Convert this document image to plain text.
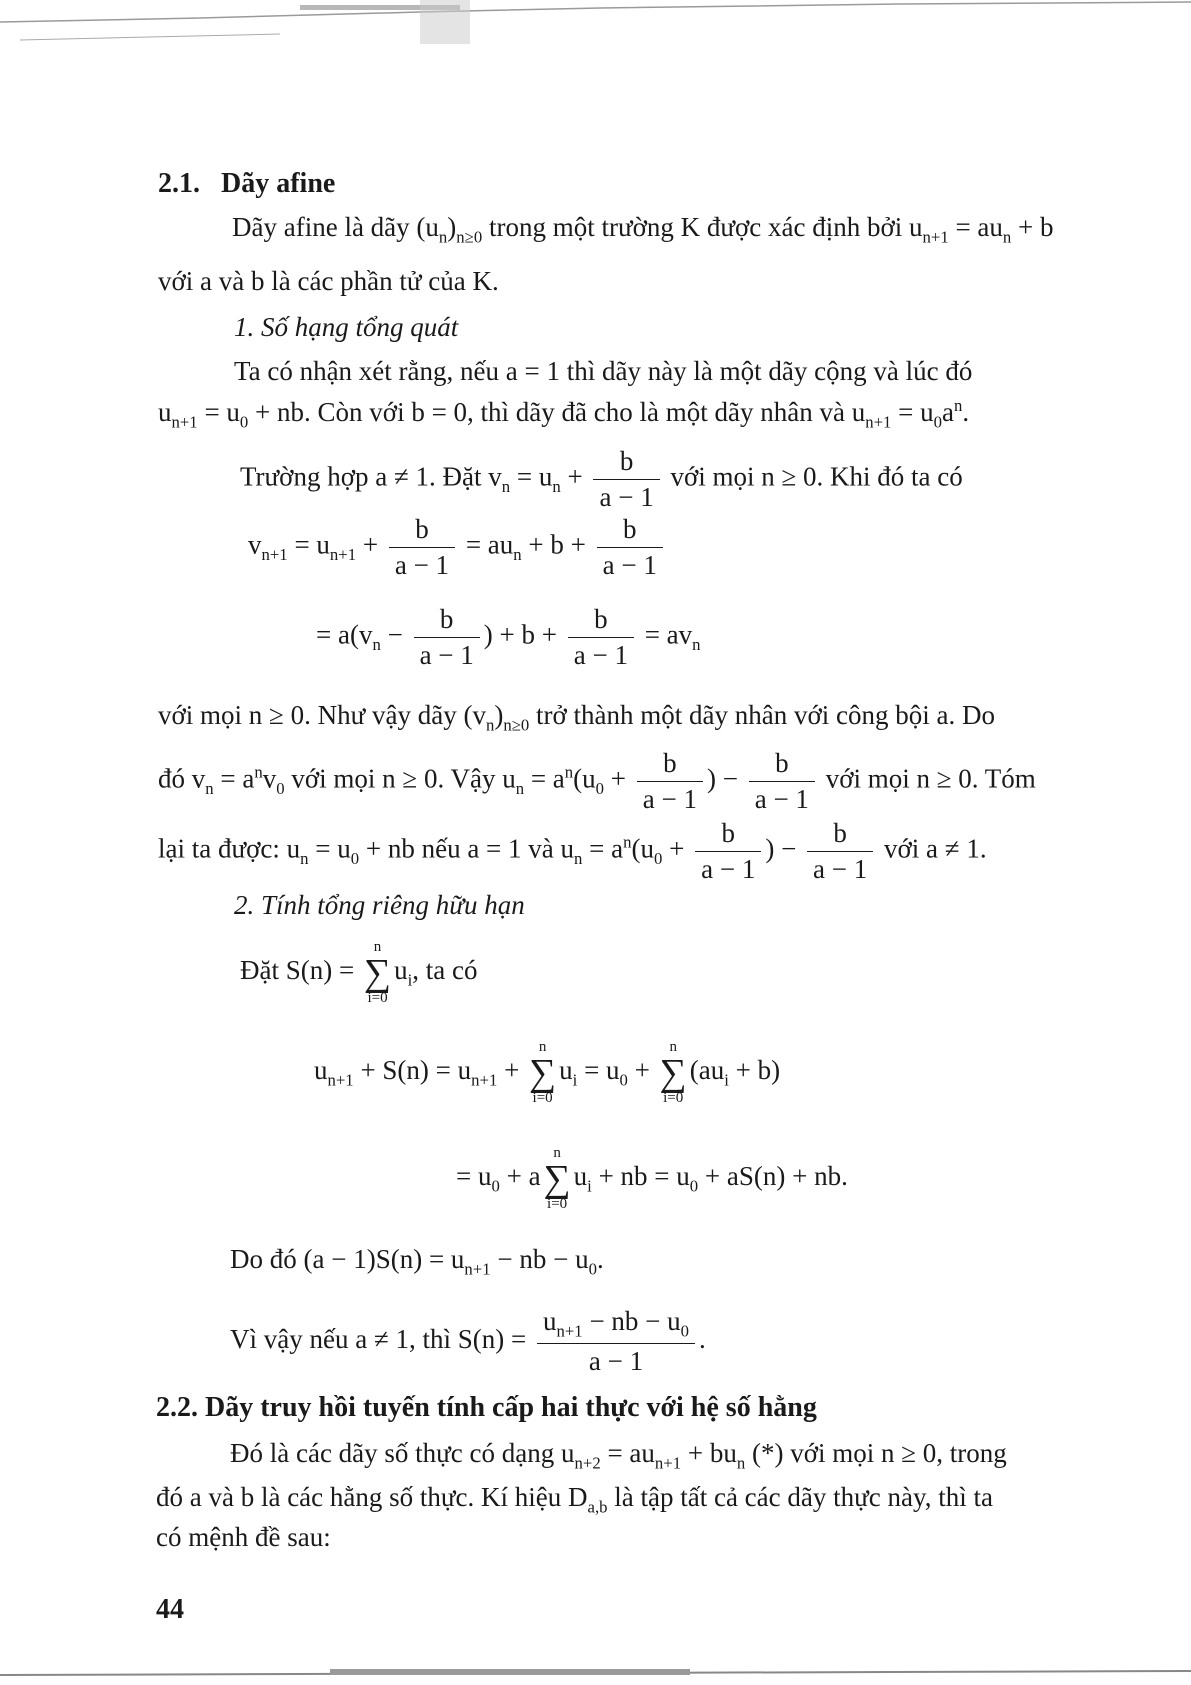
2.1. Dãy afine
Dãy afine là dãy $(u_n)_{n\ge 0}$ trong một trường K được xác định bởi $u_{n+1} = au_n + b$
với a và b là các phần tử của K.
1. Số hạng tổng quát
Ta có nhận xét rằng, nếu a = 1 thì dãy này là một dãy cộng và lúc đó
$u_{n+1} = u_0$ + nb. Còn với b = 0, thì dãy đã cho là một dãy nhân và $u_{n+1} = u_0a^n$.
Trường hợp a ≠ 1. Đặt $v_n = u_n + \frac{b}{a - 1}$ với mọi n ≥ 0. Khi đó ta có
$v_{n+1} = u_{n+1} + \frac{b}{a - 1} = au_n + b + \frac{b}{a - 1}$
= $a(v_n - \frac{b}{a - 1}$ ) + $b + \frac{b}{a - 1} = av_n$
với mọi n ≥ 0. Như vậy dãy $(v_n)_{n\ge 0}$ trở thành một dãy nhân với công bội a. Do
đó $v_n = a^nv_0$ với mọi n ≥ 0. Vậy $u_n = a^n(u_0 + \frac{b}{a - 1}$ ) − $\frac{b}{a - 1}$ với mọi n ≥ 0. Tóm
lại ta được: $u_n = u_0$ + nb nếu a = 1 và $u_n = a^n(u_0 + \frac{b}{a - 1}$ ) − $\frac{b}{a - 1}$ với a ≠ 1.
2. Tính tổng riêng hữu hạn
Đặt S(n) =
n
∑
i=0
$u_i$, ta có
$u_{n+1} + S(n) = u_{n+1}$ +
n
∑
i=0
$u_i = u_0$ +
n
∑
i=0
$(au_i + b)$
= $u_0 + a$
n
∑
i=0
$u_i$ + nb = $u_0 + aS(n)$ + nb.
Do đó $(a - 1)S(n) = u_{n+1}$ − nb − $u_0$.
Vì vậy nếu a ≠ 1, thì $S(n) = \frac{u_{n+1} - nb - u_0}{a - 1}$ .
2.2. Dãy truy hồi tuyến tính cấp hai thực với hệ số hằng
Đó là các dãy số thực có dạng $u_{n+2} = au_{n+1} + bu_n$ (*) với mọi n ≥ 0, trong
đó a và b là các hằng số thực. Kí hiệu $D_{a,b}$ là tập tất cả các dãy thực này, thì ta
có mệnh đề sau:
44
